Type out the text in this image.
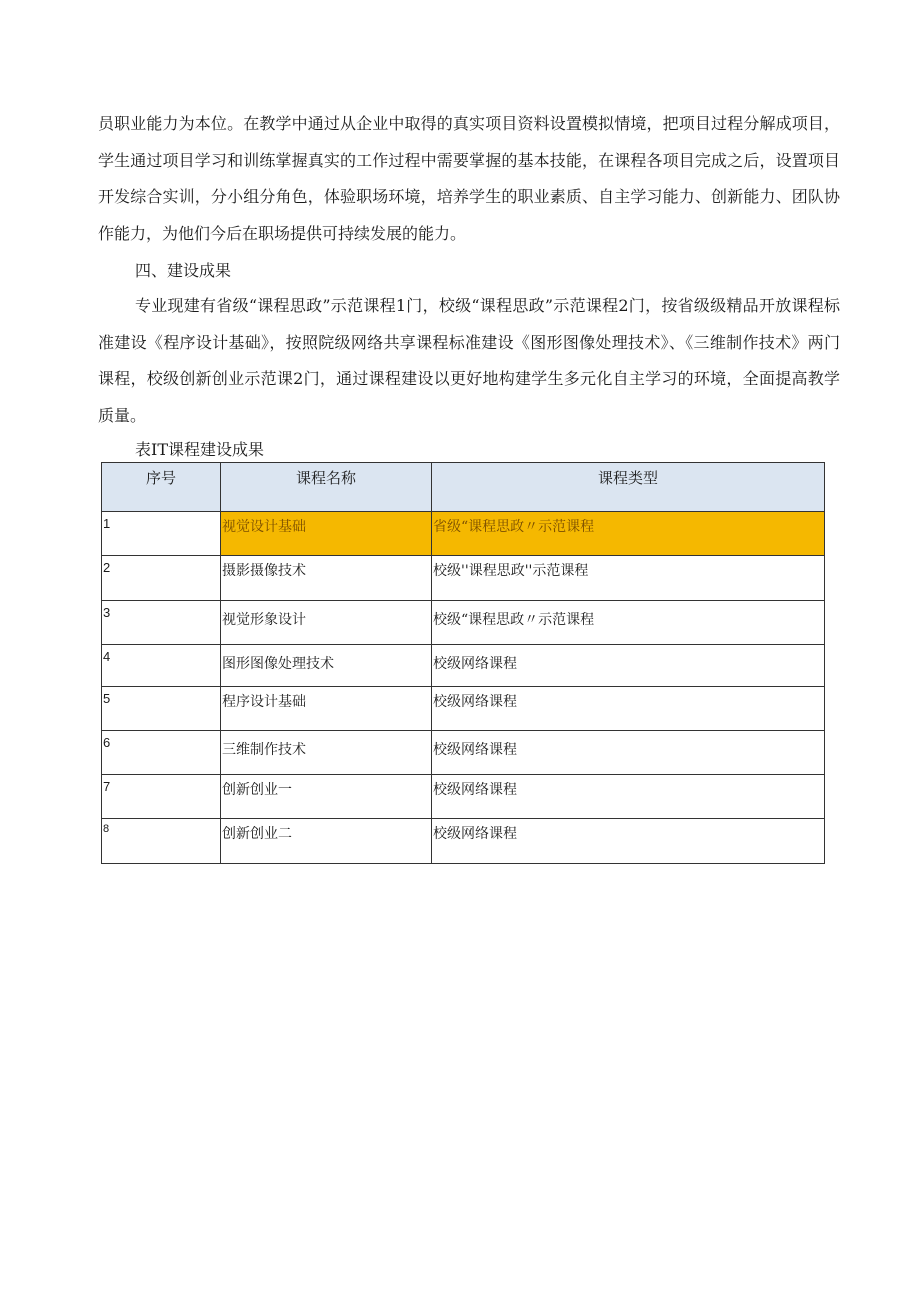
员职业能力为本位。在教学中通过从企业中取得的真实项目资料设置模拟情境，把项目过程分解成项目，学生通过项目学习和训练掌握真实的工作过程中需要掌握的基本技能，在课程各项目完成之后，设置项目开发综合实训，分小组分角色，体验职场环境，培养学生的职业素质、自主学习能力、创新能力、团队协作能力，为他们今后在职场提供可持续发展的能力。

四、建设成果

专业现建有省级“课程思政”示范课程1门，校级“课程思政”示范课程2门，按省级级精品开放课程标准建设《程序设计基础》，按照院级网络共享课程标准建设《图形图像处理技术》、《三维制作技术》两门课程，校级创新创业示范课2门，通过课程建设以更好地构建学生多元化自主学习的环境，全面提高教学质量。

表IT课程建设成果

序号	课程名称	课程类型
1	视觉设计基础	省级“课程思政〃示范课程
2	摄影摄像技术	校级''课程思政''示范课程
3	视觉形象设计	校级“课程思政〃示范课程
4	图形图像处理技术	校级网络课程
5	程序设计基础	校级网络课程
6	三维制作技术	校级网络课程
7	创新创业一	校级网络课程
8	创新创业二	校级网络课程
